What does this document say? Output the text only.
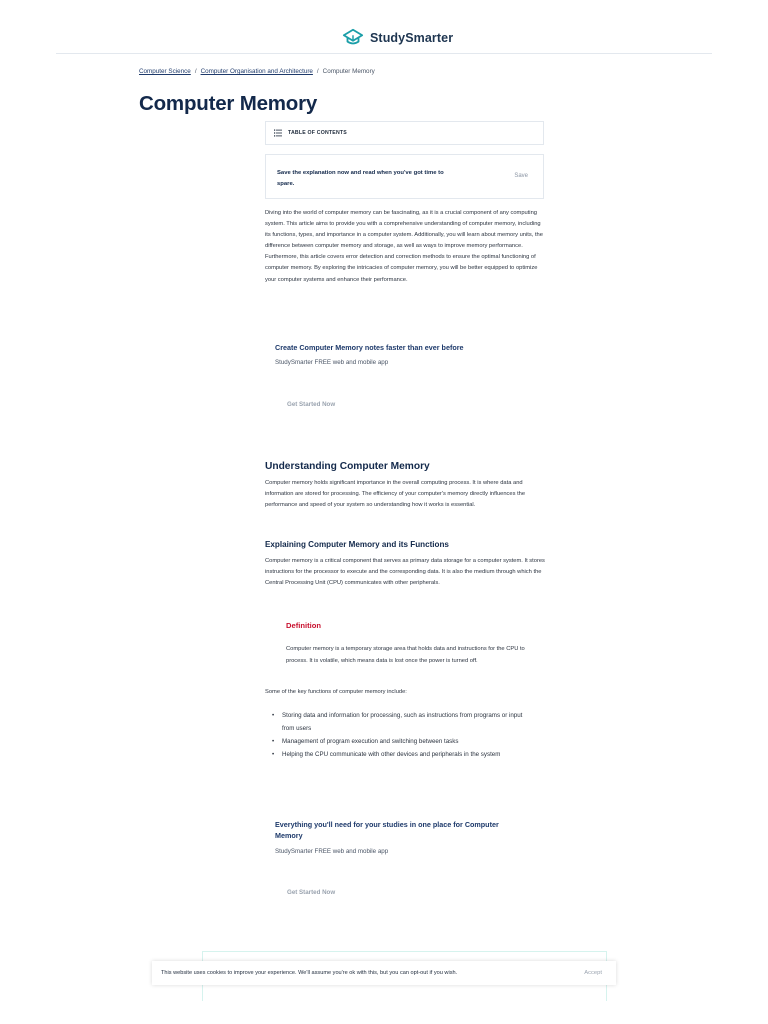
StudySmarter
Computer Science / Computer Organisation and Architecture / Computer Memory
Computer Memory
TABLE OF CONTENTS
Save the explanation now and read when you've got time to spare.
Save

Diving into the world of computer memory can be fascinating, as it is a crucial component of any computing system. This article aims to provide you with a comprehensive understanding of computer memory, including its functions, types, and importance in a computer system. Additionally, you will learn about memory units, the difference between computer memory and storage, as well as ways to improve memory performance. Furthermore, this article covers error detection and correction methods to ensure the optimal functioning of computer memory. By exploring the intricacies of computer memory, you will be better equipped to optimize your computer systems and enhance their performance.

Create Computer Memory notes faster than ever before

StudySmarter FREE web and mobile app
Get Started Now
Understanding Computer Memory

Computer memory holds significant importance in the overall computing process. It is where data and information are stored for processing. The efficiency of your computer's memory directly influences the performance and speed of your system so understanding how it works is essential.

Explaining Computer Memory and its Functions

Computer memory is a critical component that serves as primary data storage for a computer system. It stores instructions for the processor to execute and the corresponding data. It is also the medium through which the Central Processing Unit (CPU) communicates with other peripherals.

Definition

Computer memory is a temporary storage area that holds data and instructions for the CPU to process. It is volatile, which means data is lost once the power is turned off.

Some of the key functions of computer memory include:

• Storing data and information for processing, such as instructions from programs or input from users
• Management of program execution and switching between tasks
• Helping the CPU communicate with other devices and peripherals in the system

Everything you'll need for your studies in one place for Computer Memory

StudySmarter FREE web and mobile app
Get Started Now
This website uses cookies to improve your experience. We'll assume you're ok with this, but you can opt-out if you wish.	Accept
